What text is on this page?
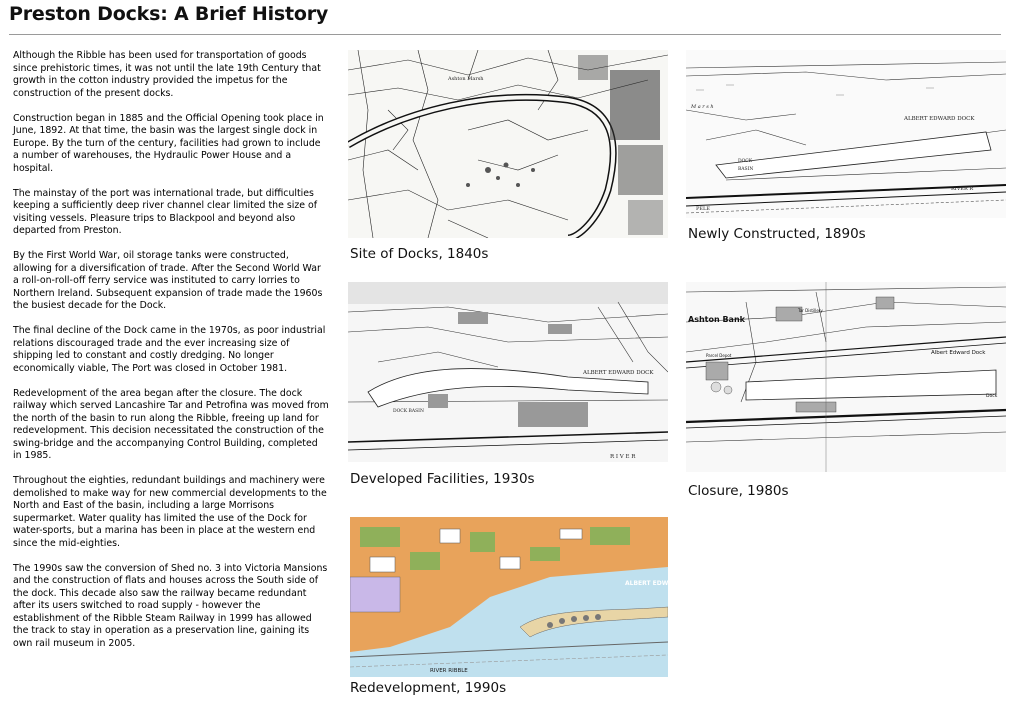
Preston Docks: A Brief History

Although the Ribble has been used for transportation of goods since prehistoric times, it was not until the late 19th Century that growth in the cotton industry provided the impetus for the construction of the present docks.

Construction began in 1885 and the Official Opening took place in June, 1892. At that time, the basin was the largest single dock in Europe. By the turn of the century, facilities had grown to include a number of warehouses, the Hydraulic Power House and a hospital.

The mainstay of the port was international trade, but difficulties keeping a sufficiently deep river channel clear limited the size of visiting vessels. Pleasure trips to Blackpool and beyond also departed from Preston.

By the First World War, oil storage tanks were constructed, allowing for a diversification of trade. After the Second World War a roll-on-roll-off ferry service was instituted to carry lorries to Northern Ireland. Subsequent expansion of trade made the 1960s the busiest decade for the Dock.

The final decline of the Dock came in the 1970s, as poor industrial relations discouraged trade and the ever increasing size of shipping led to constant and costly dredging. No longer economically viable, The Port was closed in October 1981.

Redevelopment of the area began after the closure. The dock railway which served Lancashire Tar and Petrofina was moved from the north of the basin to run along the Ribble, freeing up land for redevelopment. This decision necessitated the construction of the swing-bridge and the accompanying Control Building, completed in 1985.

Throughout the eighties, redundant buildings and machinery were demolished to make way for new commercial developments to the North and East of the basin, including a large Morrisons supermarket. Water quality has limited the use of the Dock for water-sports, but a marina has been in place at the western end since the mid-eighties.

The 1990s saw the conversion of Shed no. 3 into Victoria Mansions and the construction of flats and houses across the South side of the dock. This decade also saw the railway became redundant after its users switched to road supply - however the establishment of the Ribble Steam Railway in 1999 has allowed the track to stay in operation as a preservation line, gaining its own rail museum in 2005.

Ashton Marsh
Site of Docks, 1840s
M a r s h
ALBERT EDWARD DOCK
DOCK
BASIN
RIVER R
PELE
Newly Constructed, 1890s
ALBERT EDWARD DOCK
DOCK BASIN
R I V E R
Developed Facilities, 1930s
Ashton Bank
Albert Edward Dock
Dock
Parcel Depot
Tar Distillery
Closure, 1980s
ALBERT EDW
RIVER RIBBLE
Redevelopment, 1990s
